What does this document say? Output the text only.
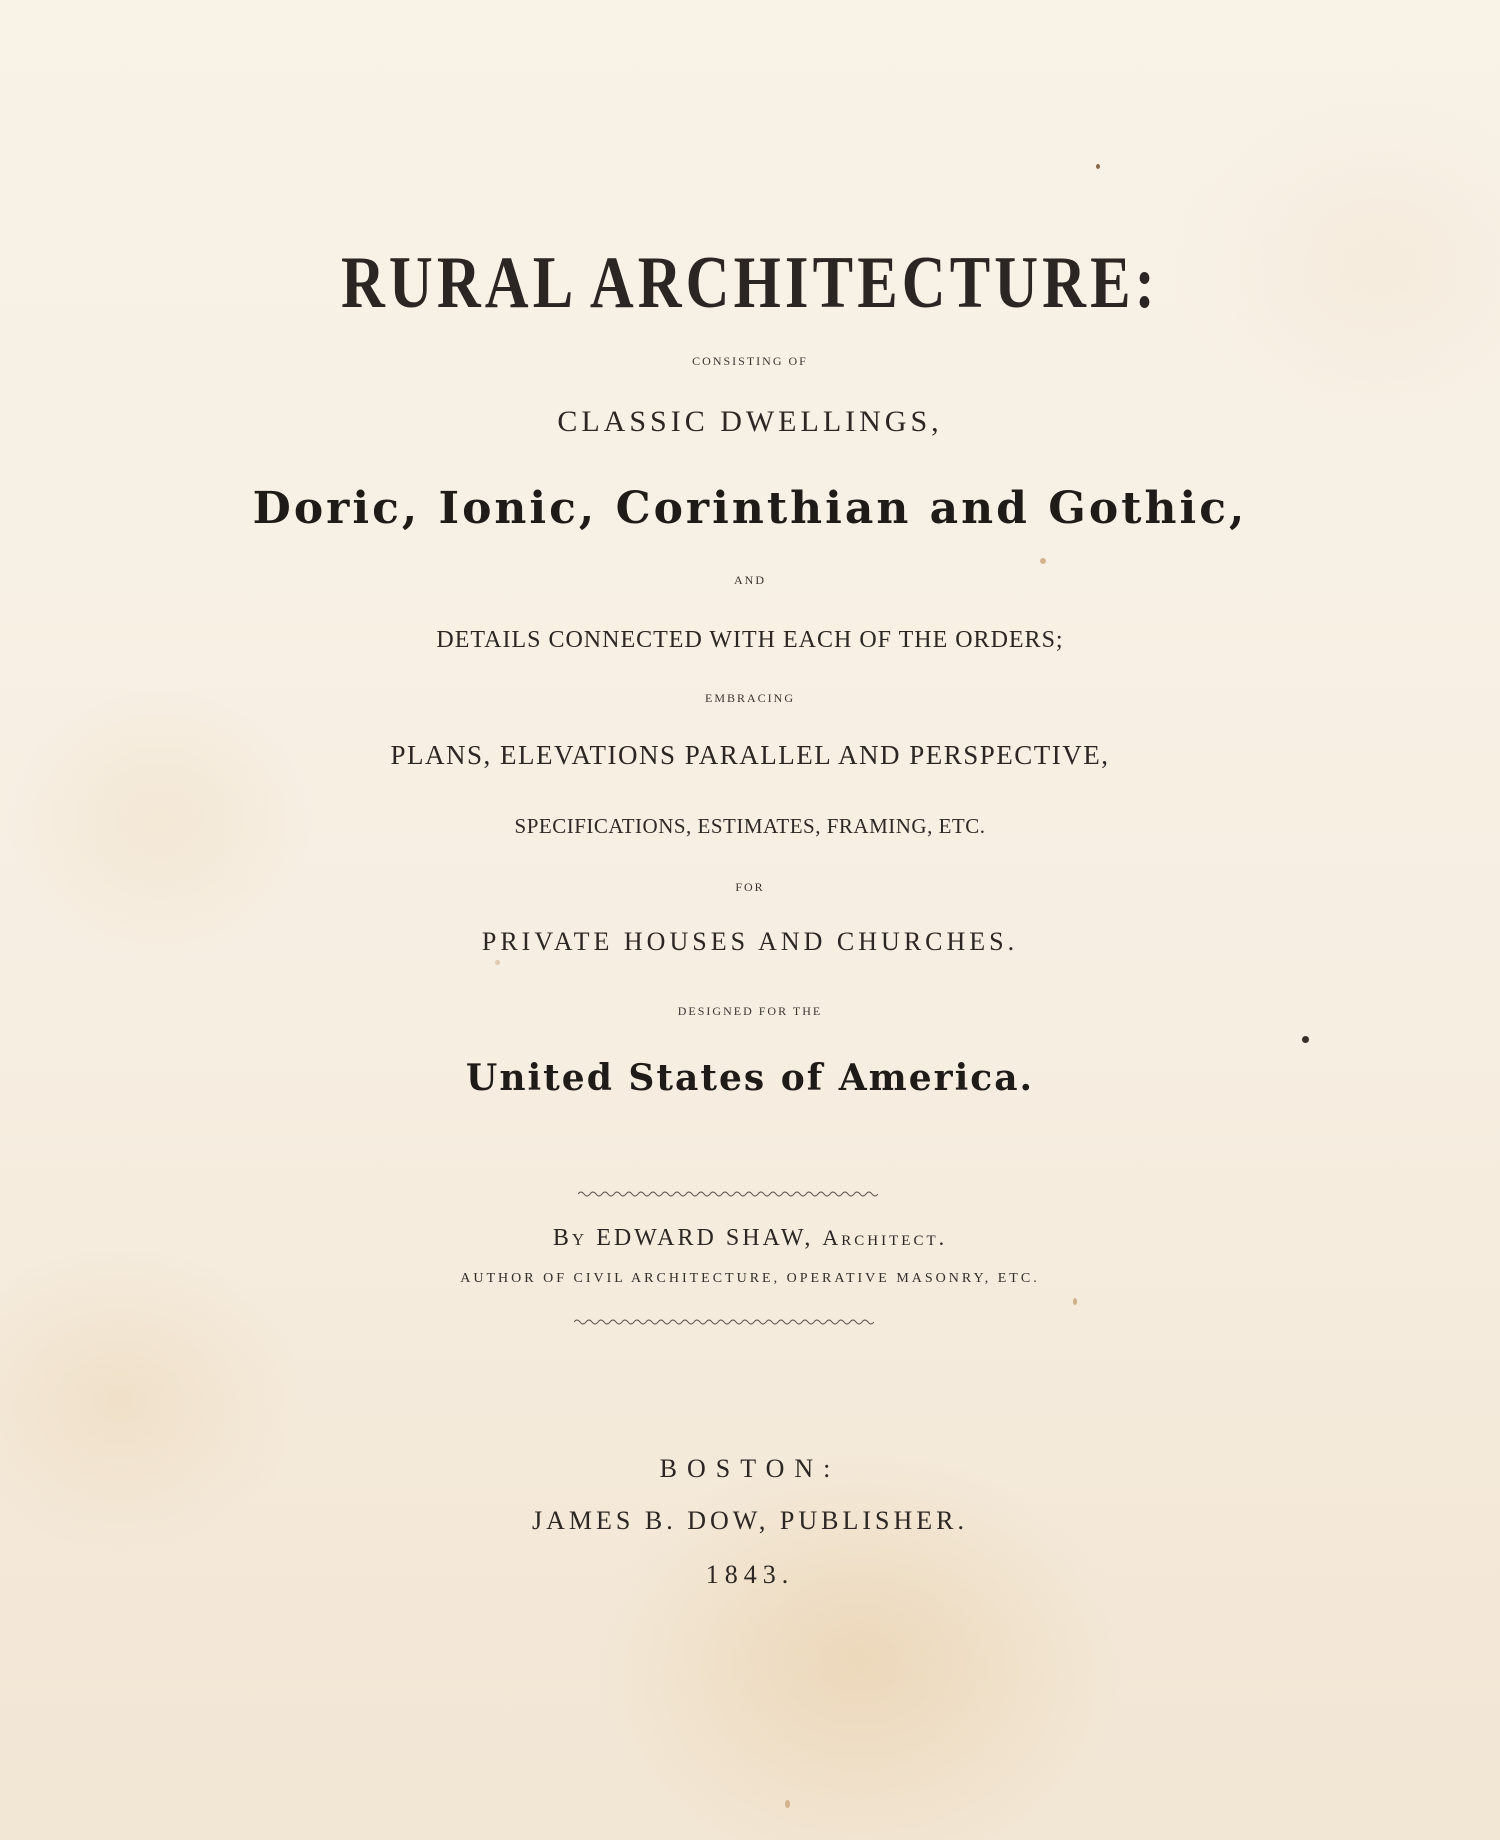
RURAL ARCHITECTURE:

CONSISTING OF

CLASSIC DWELLINGS,

Doric, Ionic, Corinthian and Gothic,

AND

DETAILS CONNECTED WITH EACH OF THE ORDERS;

EMBRACING

PLANS, ELEVATIONS PARALLEL AND PERSPECTIVE,

SPECIFICATIONS, ESTIMATES, FRAMING, ETC.

FOR

PRIVATE HOUSES AND CHURCHES.

DESIGNED FOR THE

United States of America.

By EDWARD SHAW, Architect.

AUTHOR OF CIVIL ARCHITECTURE, OPERATIVE MASONRY, ETC.

BOSTON:

JAMES B. DOW, PUBLISHER.

1843.
